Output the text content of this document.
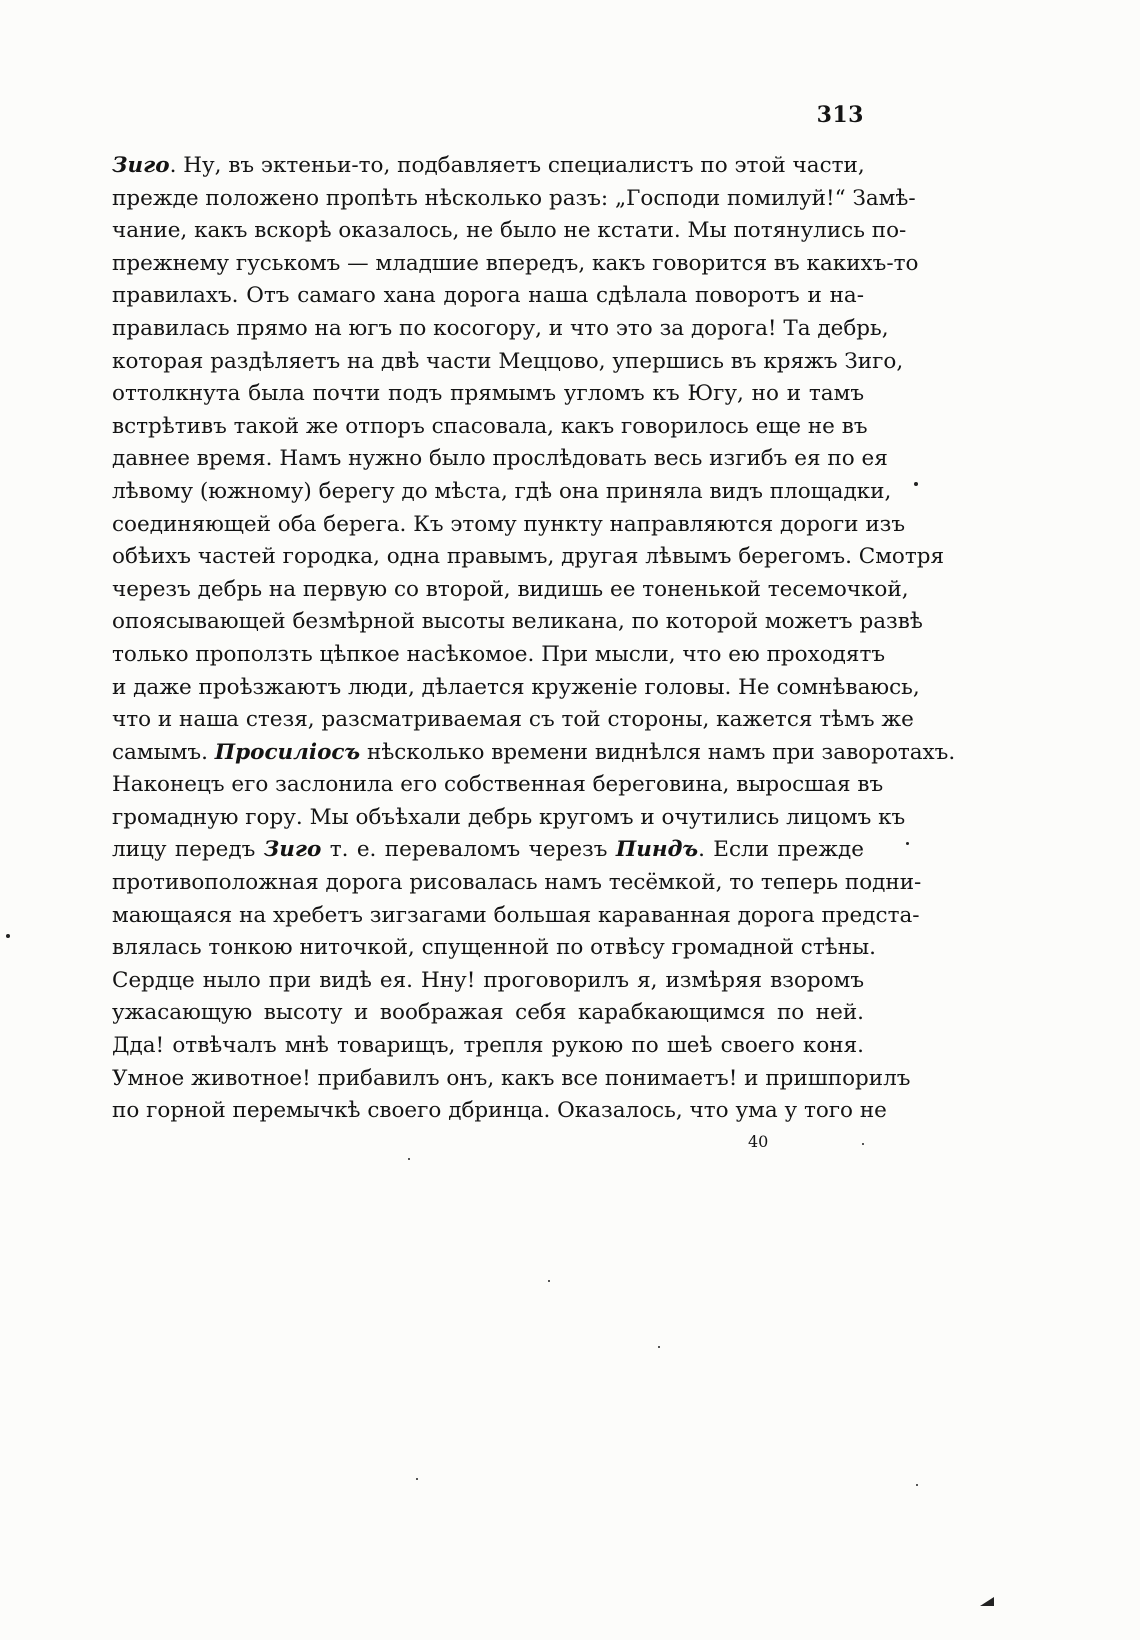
313
Зиго. Ну, въ эктеньи-то, подбавляетъ специалистъ по этой части,
прежде положено пропѣть нѣсколько разъ: „Господи помилуй!“ Замѣ-
чание, какъ вскорѣ оказалось, не было не кстати. Мы потянулись по-
прежнему гуськомъ — младшие впередъ, какъ говорится въ какихъ-то
правилахъ. Отъ самаго хана дорога наша сдѣлала поворотъ и на-
правилась прямо на югъ по косогору, и что это за дорога! Та дебрь,
которая раздѣляетъ на двѣ части Меццово, упершись въ кряжъ Зиго,
оттолкнута была почти подъ прямымъ угломъ къ Югу, но и тамъ
встрѣтивъ такой же отпоръ спасовала, какъ говорилось еще не въ
давнее время. Намъ нужно было прослѣдовать весь изгибъ ея по ея
лѣвому (южному) берегу до мѣста, гдѣ она приняла видъ площадки,
соединяющей оба берега. Къ этому пункту направляются дороги изъ
обѣихъ частей городка, одна правымъ, другая лѣвымъ берегомъ. Смотря
черезъ дебрь на первую со второй, видишь ее тоненькой тесемочкой,
опоясывающей безмѣрной высоты великана, по которой можетъ развѣ
только проползть цѣпкое насѣкомое. При мысли, что ею проходятъ
и даже проѣзжаютъ люди, дѣлается круженіе головы. Не сомнѣваюсь,
что и наша стезя, разсматриваемая съ той стороны, кажется тѣмъ же
самымъ. Просиліосъ нѣсколько времени виднѣлся намъ при заворотахъ.
Наконецъ его заслонила его собственная береговина, выросшая въ
громадную гору. Мы объѣхали дебрь кругомъ и очутились лицомъ къ
лицу передъ Зиго т. е. переваломъ черезъ Пиндъ. Если прежде
противоположная дорога рисовалась намъ тесёмкой, то теперь подни-
мающаяся на хребетъ зигзагами большая караванная дорога предста-
влялась тонкою ниточкой, спущенной по отвѣсу громадной стѣны.
Сердце ныло при видѣ ея. Нну! проговорилъ я, измѣряя взоромъ
ужасающую высоту и воображая себя карабкающимся по ней.
Дда! отвѣчалъ мнѣ товарищъ, трепля рукою по шеѣ своего коня.
Умное животное! прибавилъ онъ, какъ все понимаетъ! и пришпорилъ
по горной перемычкѣ своего дбринца. Оказалось, что ума у того не
40
